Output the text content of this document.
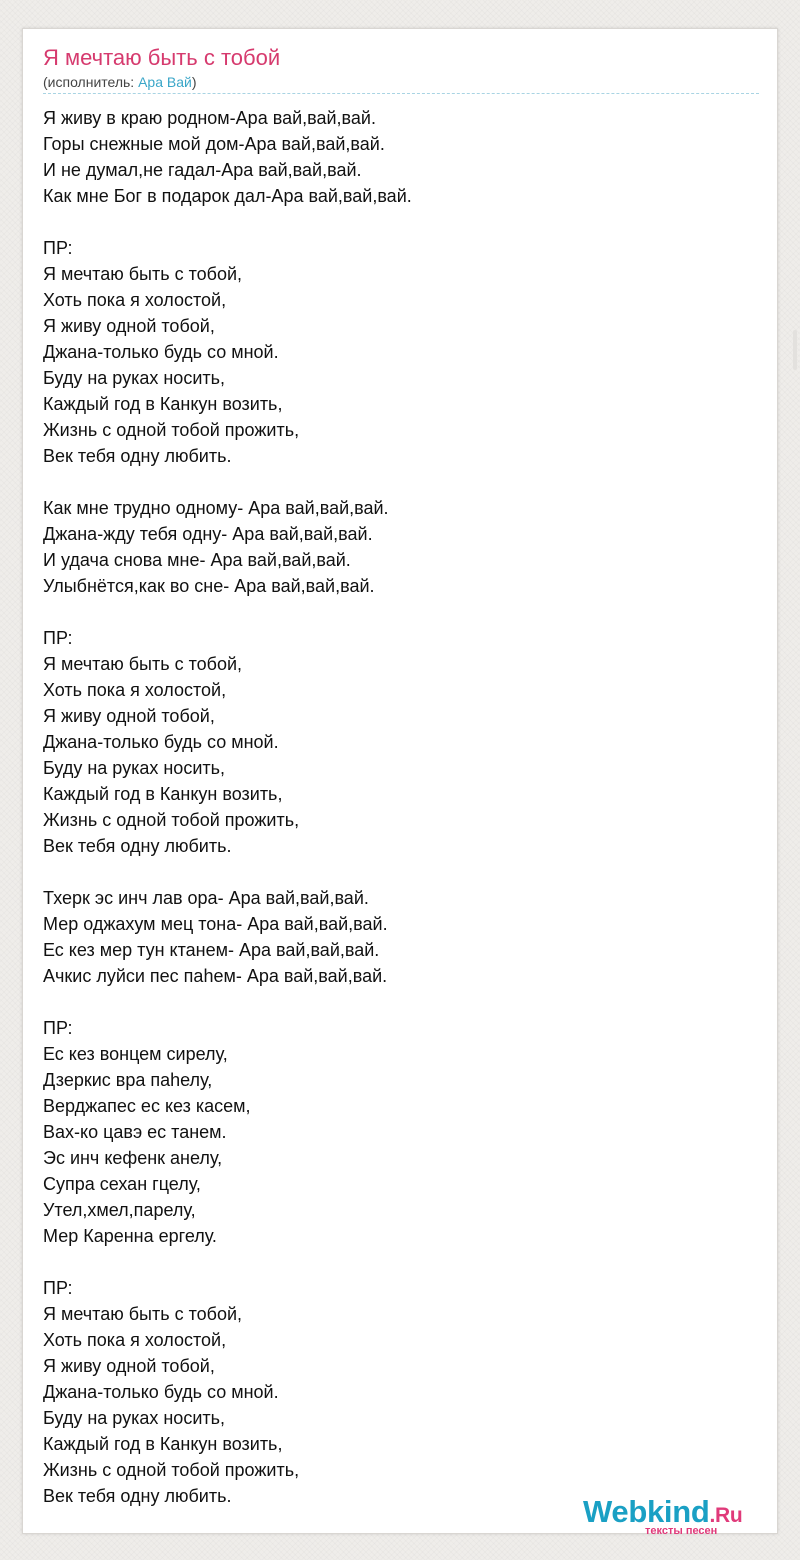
Я мечтаю быть с тобой
(исполнитель: Ара Вай)
Я живу в краю родном-Ара вай,вай,вай.
Горы снежные мой дом-Ара вай,вай,вай.
И не думал,не гадал-Ара вай,вай,вай.
Как мне Бог в подарок дал-Ара вай,вай,вай.
ПР:
Я мечтаю быть с тобой,
Хоть пока я холостой,
Я живу одной тобой,
Джана-только будь со мной.
Буду на руках носить,
Каждый год в Канкун возить,
Жизнь с одной тобой прожить,
Век тебя одну любить.
Как мне трудно одному- Ара вай,вай,вай.
Джана-жду тебя одну- Ара вай,вай,вай.
И удача снова мне- Ара вай,вай,вай.
Улыбнётся,как во сне- Ара вай,вай,вай.
ПР:
Я мечтаю быть с тобой,
Хоть пока я холостой,
Я живу одной тобой,
Джана-только будь со мной.
Буду на руках носить,
Каждый год в Канкун возить,
Жизнь с одной тобой прожить,
Век тебя одну любить.
Тхерк эс инч лав ора- Ара вай,вай,вай.
Мер оджахум мец тона- Ара вай,вай,вай.
Ес кез мер тун ктанем- Ара вай,вай,вай.
Ачкис луйси пес паhем- Ара вай,вай,вай.
ПР:
Ес кез вонцем сирелу,
Дзеркис вра паhелу,
Верджапес ес кез касем,
Вах-ко цавэ ес танем.
Эс инч кефенк анелу,
Супра сехан гцелу,
Утел,хмел,парелу,
Мер Каренна ергелу.
ПР:
Я мечтаю быть с тобой,
Хоть пока я холостой,
Я живу одной тобой,
Джана-только будь со мной.
Буду на руках носить,
Каждый год в Канкун возить,
Жизнь с одной тобой прожить,
Век тебя одну любить.	Webkind.Ru
тексты песен
